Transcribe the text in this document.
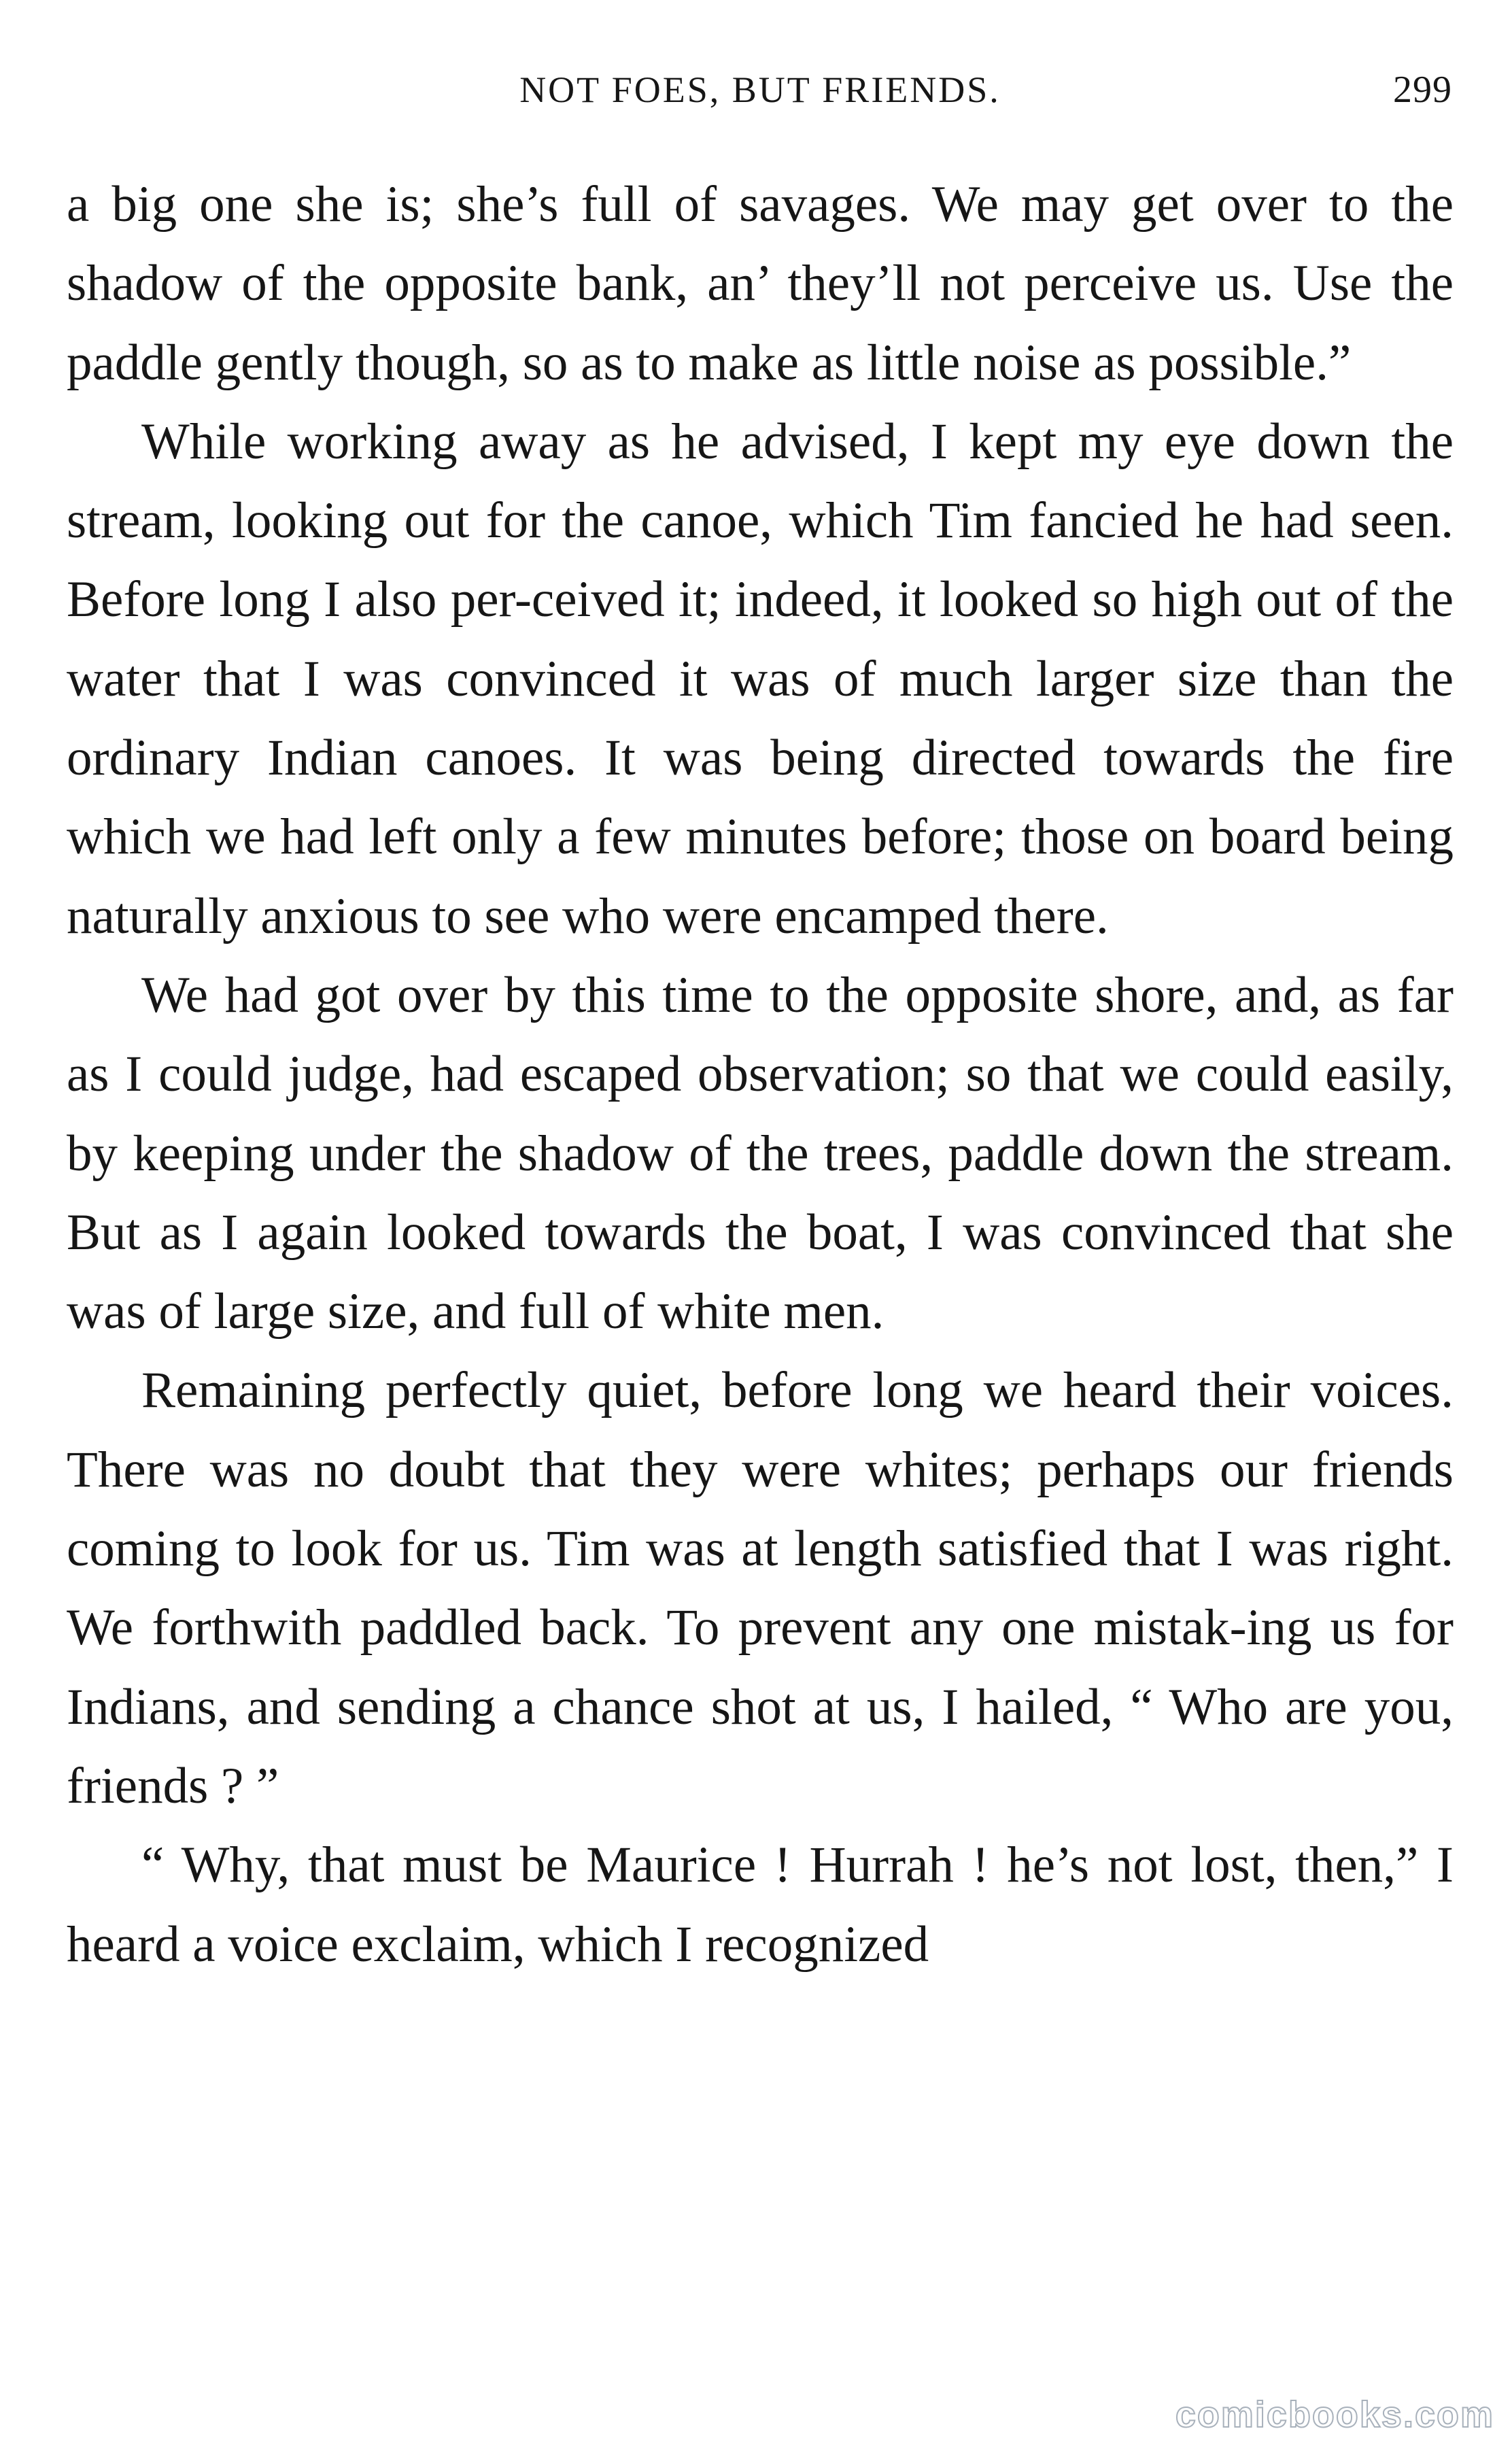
NOT FOES, BUT FRIENDS.	299

a big one she is; she’s full of savages. We may get over to the shadow of the opposite bank, an’ they’ll not perceive us. Use the paddle gently though, so as to make as little noise as possible.”

While working away as he advised, I kept my eye down the stream, looking out for the canoe, which Tim fancied he had seen. Before long I also per-ceived it; indeed, it looked so high out of the water that I was convinced it was of much larger size than the ordinary Indian canoes. It was being directed towards the fire which we had left only a few minutes before; those on board being naturally anxious to see who were encamped there.

We had got over by this time to the opposite shore, and, as far as I could judge, had escaped observation; so that we could easily, by keeping under the shadow of the trees, paddle down the stream. But as I again looked towards the boat, I was convinced that she was of large size, and full of white men.

Remaining perfectly quiet, before long we heard their voices. There was no doubt that they were whites; perhaps our friends coming to look for us. Tim was at length satisfied that I was right. We forthwith paddled back. To prevent any one mistak-ing us for Indians, and sending a chance shot at us, I hailed, “ Who are you, friends ? ”

“ Why, that must be Maurice ! Hurrah ! he’s not lost, then,” I heard a voice exclaim, which I recognized

comicbooks.com
